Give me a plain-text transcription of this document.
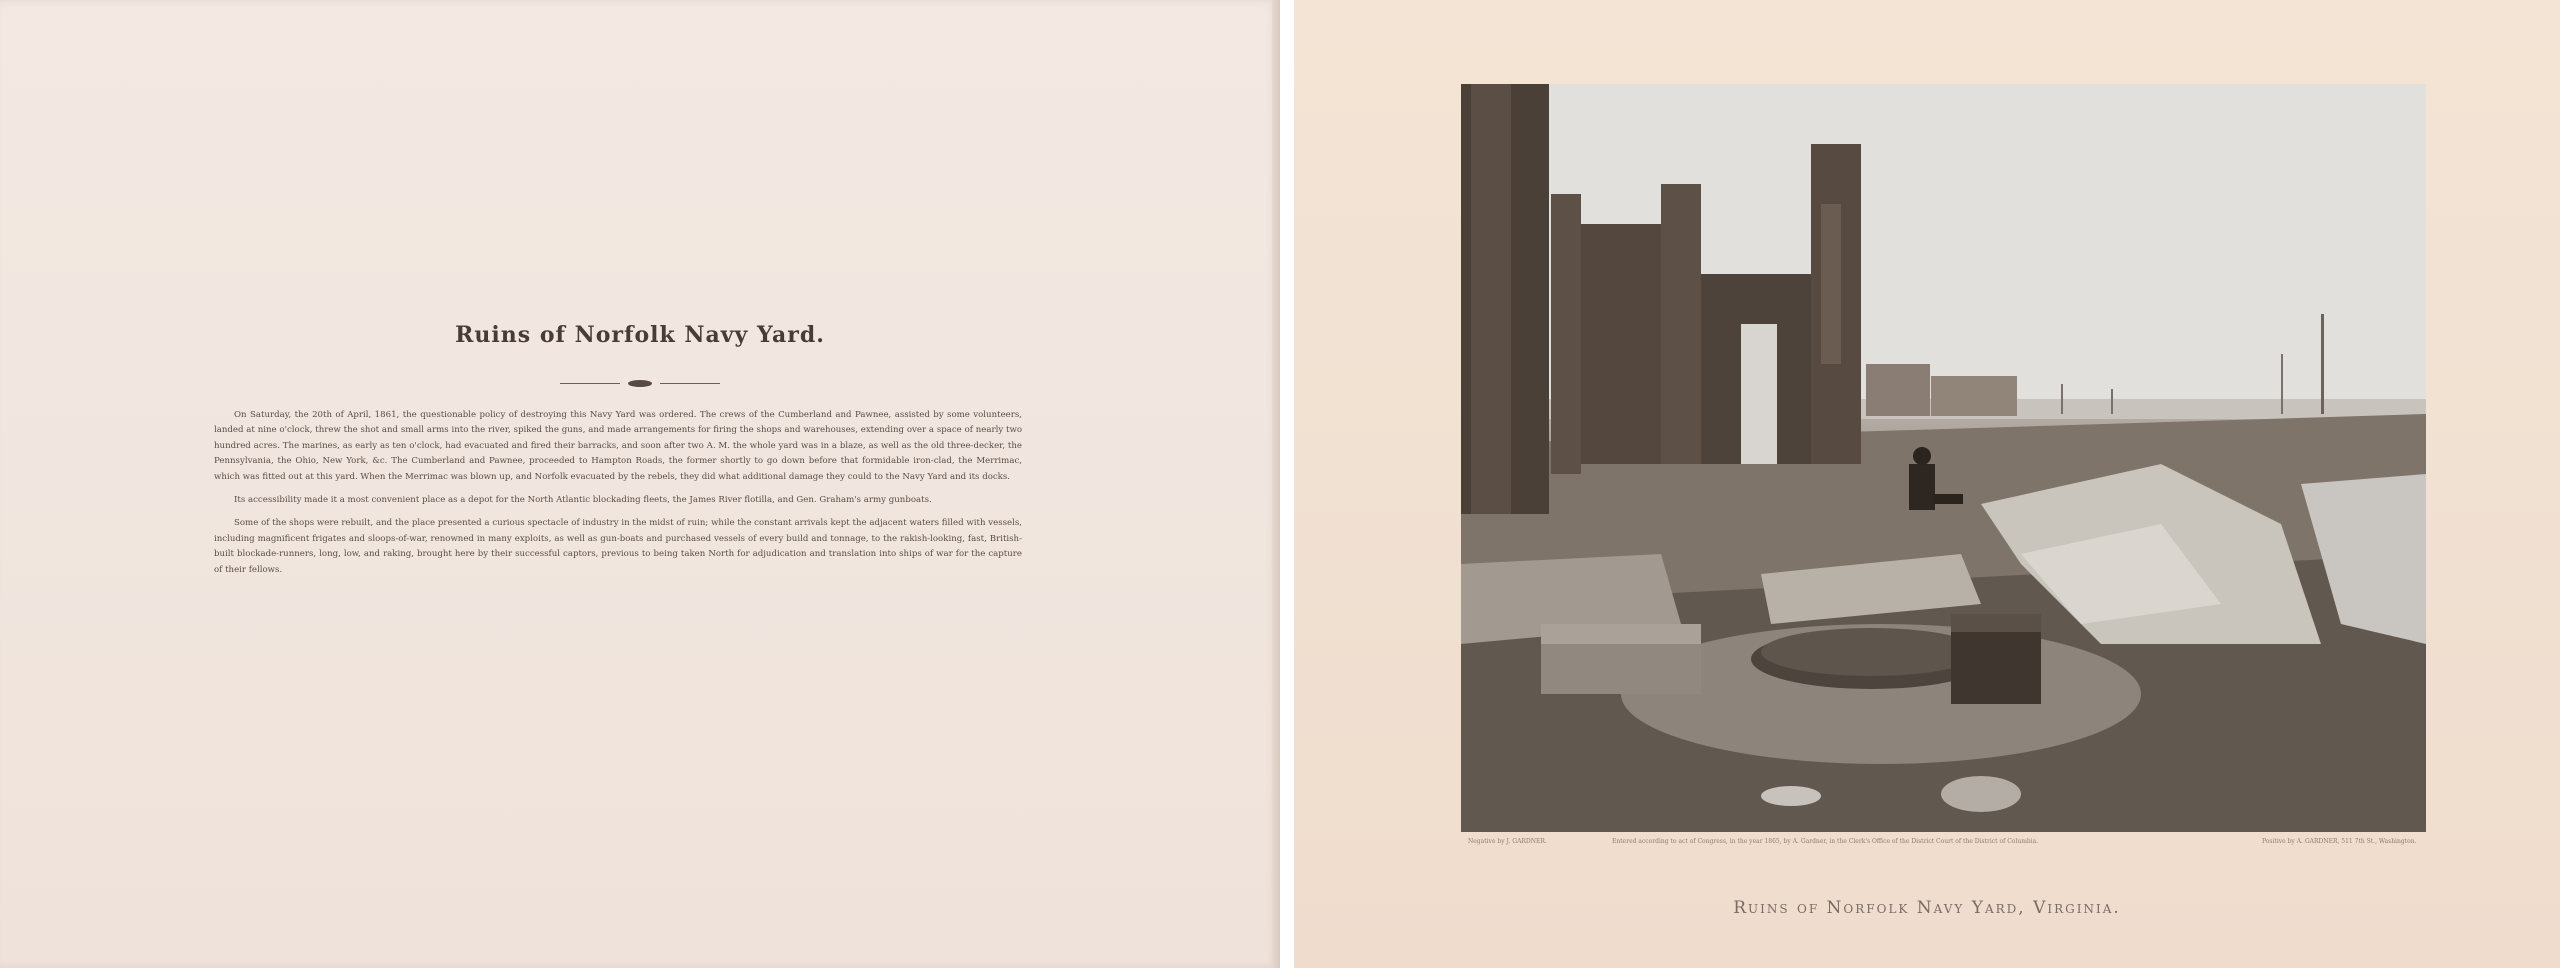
Ruins of Norfolk Navy Yard.

On Saturday, the 20th of April, 1861, the questionable policy of destroying this Navy Yard was ordered. The crews of the Cumberland and Pawnee, assisted by some volunteers, landed at nine o'clock, threw the shot and small arms into the river, spiked the guns, and made arrangements for firing the shops and warehouses, extending over a space of nearly two hundred acres. The marines, as early as ten o'clock, had evacuated and fired their barracks, and soon after two A. M. the whole yard was in a blaze, as well as the old three-decker, the Pennsylvania, the Ohio, New York, &c. The Cumberland and Pawnee, proceeded to Hampton Roads, the former shortly to go down before that formidable iron-clad, the Merrimac, which was fitted out at this yard. When the Merrimac was blown up, and Norfolk evacuated by the rebels, they did what additional damage they could to the Navy Yard and its docks.

Its accessibility made it a most convenient place as a depot for the North Atlantic blockading fleets, the James River flotilla, and Gen. Graham's army gunboats.

Some of the shops were rebuilt, and the place presented a curious spectacle of industry in the midst of ruin; while the constant arrivals kept the adjacent waters filled with vessels, including magnificent frigates and sloops-of-war, renowned in many exploits, as well as gun-boats and purchased vessels of every build and tonnage, to the rakish-looking, fast, British-built blockade-runners, long, low, and raking, brought here by their successful captors, previous to being taken North for adjudication and translation into ships of war for the capture of their fellows.

Negative by J. GARDNER.	Entered according to act of Congress, in the year 1865, by A. Gardner, in the Clerk's Office of the District Court of the District of Columbia.	Positive by A. GARDNER, 511 7th St., Washington.
Ruins of Norfolk Navy Yard, Virginia.
